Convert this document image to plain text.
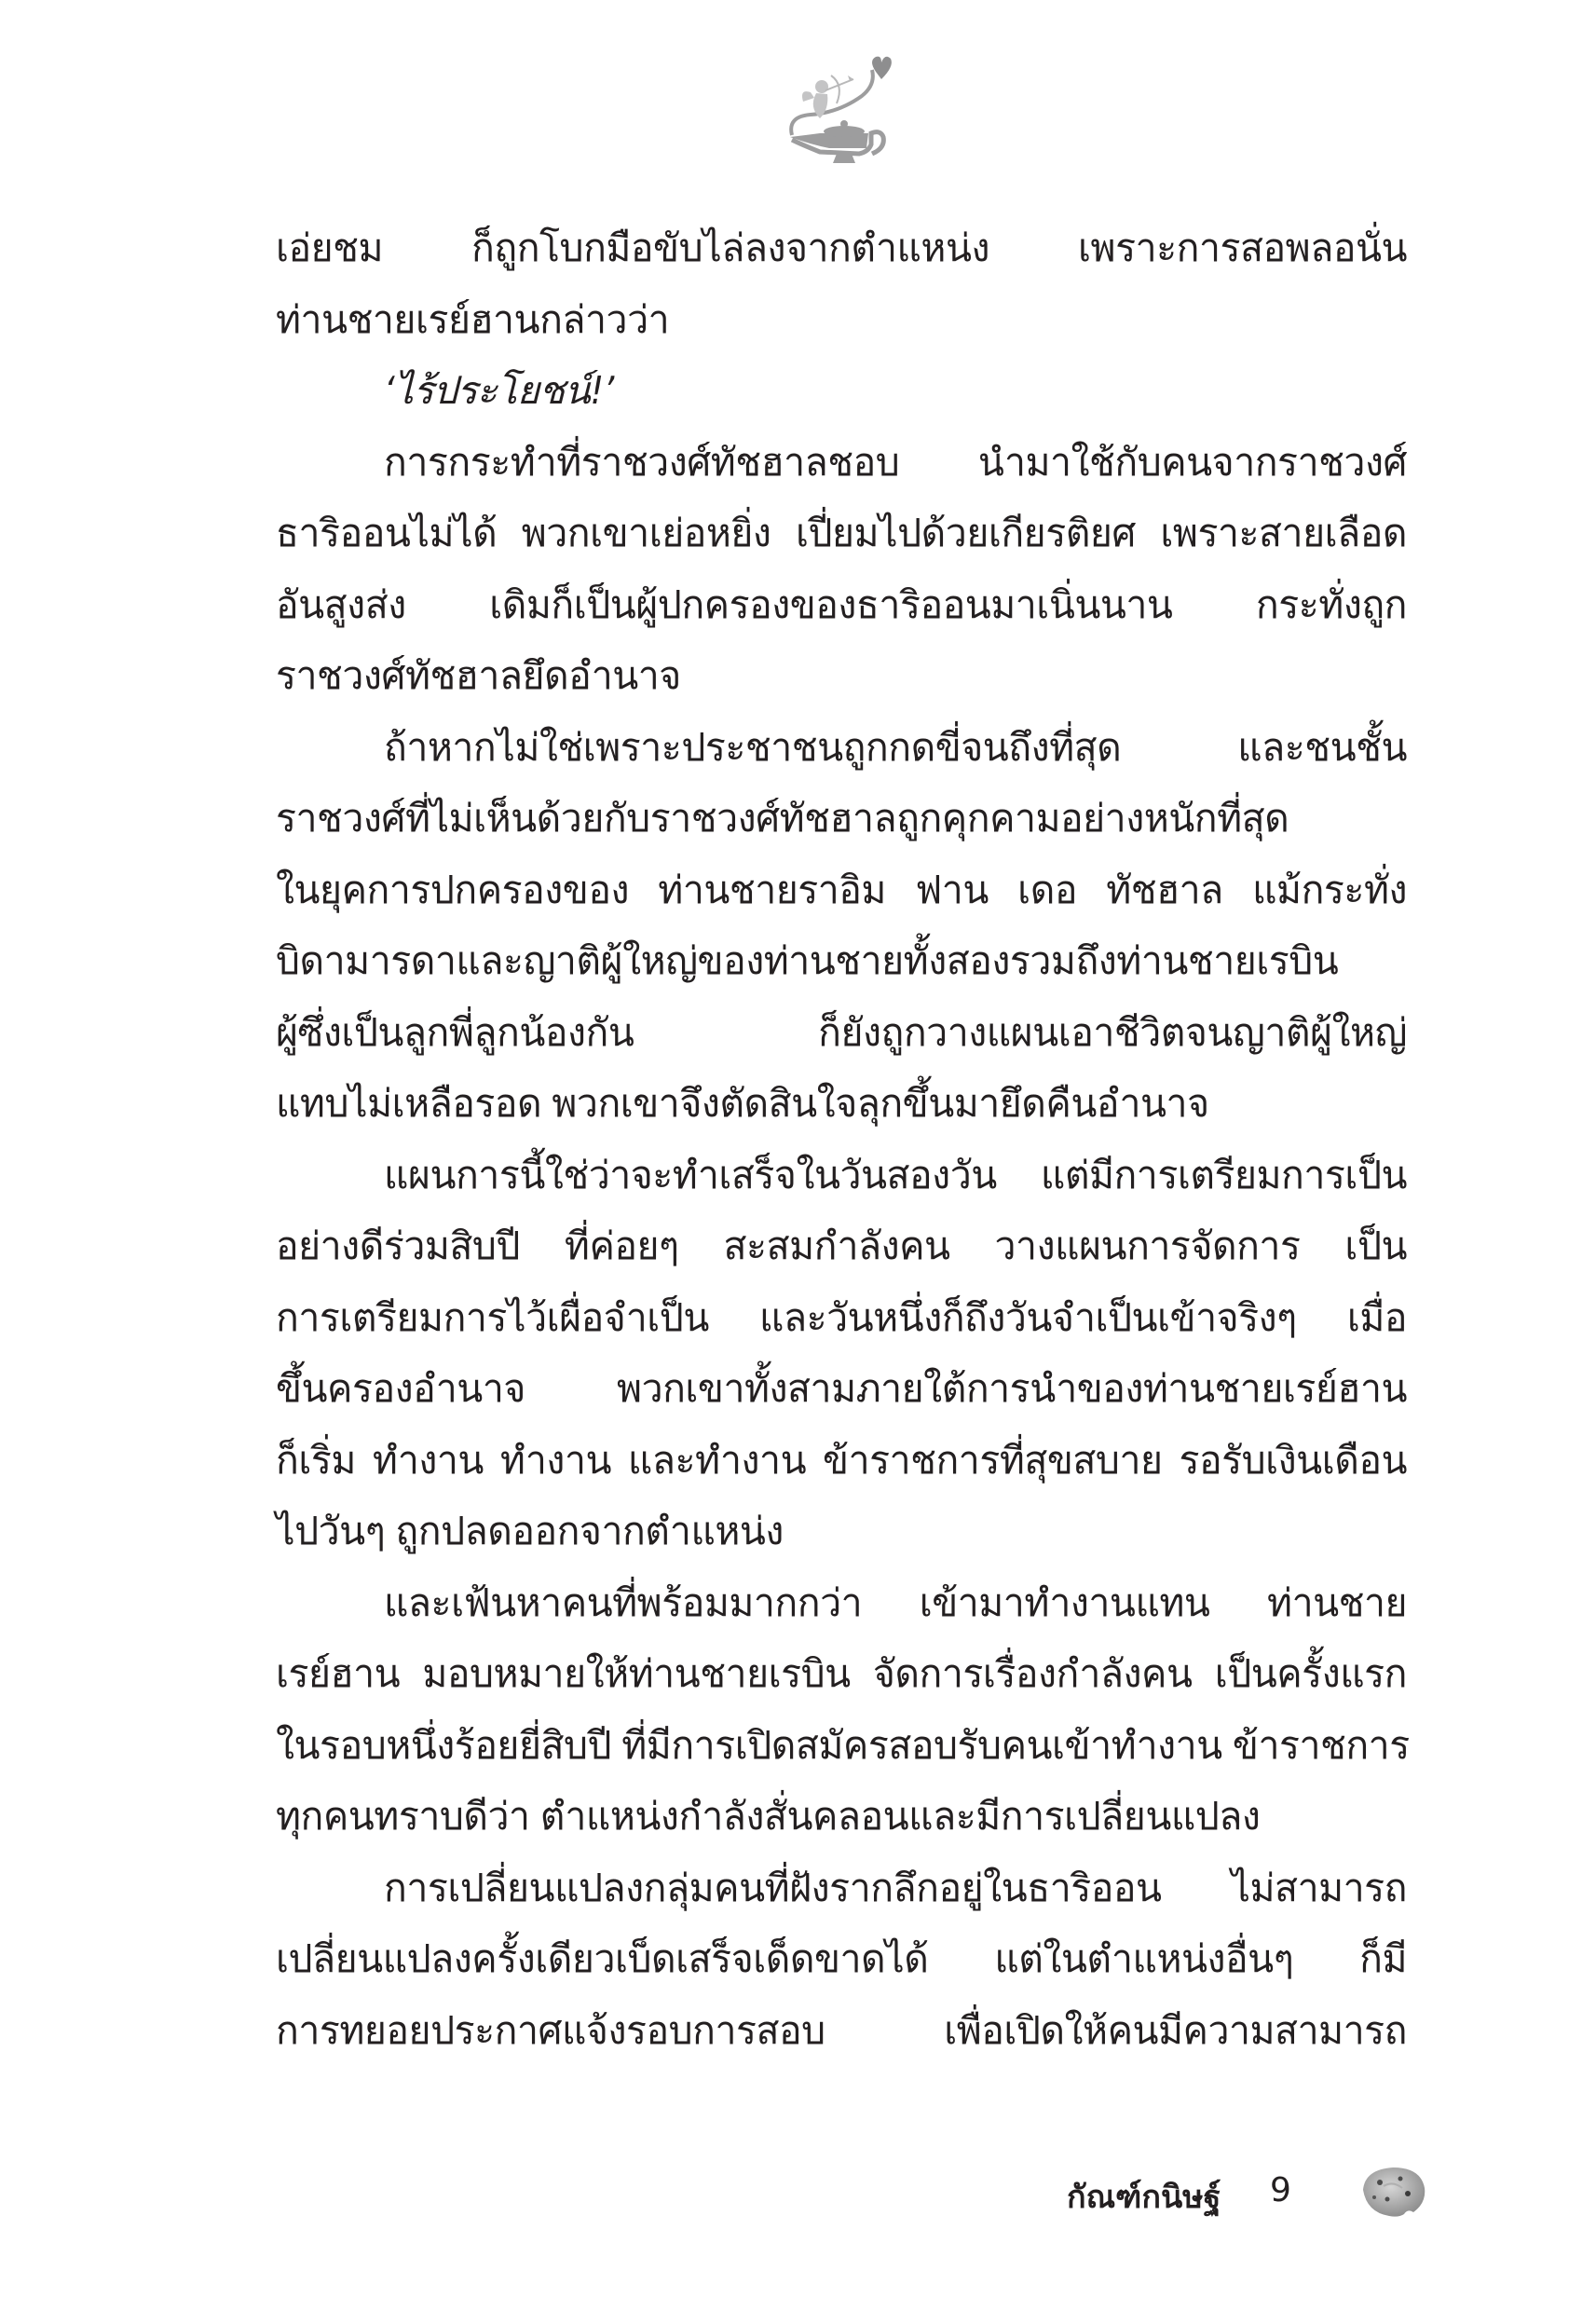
เอ่ยชม ก็ถูกโบกมือขับไล่ลงจากตำแหน่ง เพราะการสอพลอนั่น
ท่านชายเรย์ฮานกล่าวว่า
‘ไร้ประโยชน์!’
การกระทำที่ราชวงศ์ทัชฮาลชอบ นำมาใช้กับคนจากราชวงศ์
ธาริออนไม่ได้ พวกเขาเย่อหยิ่ง เปี่ยมไปด้วยเกียรติยศ เพราะสายเลือด
อันสูงส่ง เดิมก็เป็นผู้ปกครองของธาริออนมาเนิ่นนาน กระทั่งถูก
ราชวงศ์ทัชฮาลยึดอำนาจ
ถ้าหากไม่ใช่เพราะประชาชนถูกกดขี่จนถึงที่สุด และชนชั้น
ราชวงศ์ที่ไม่เห็นด้วยกับราชวงศ์ทัชฮาลถูกคุกคามอย่างหนักที่สุด
ในยุคการปกครองของ ท่านชายราอิม ฟาน เดอ ทัชฮาล แม้กระทั่ง
บิดามารดาและญาติผู้ใหญ่ของท่านชายทั้งสองรวมถึงท่านชายเรบิน
ผู้ซึ่งเป็นลูกพี่ลูกน้องกัน ก็ยังถูกวางแผนเอาชีวิตจนญาติผู้ใหญ่
แทบไม่เหลือรอด พวกเขาจึงตัดสินใจลุกขึ้นมายึดคืนอำนาจ
แผนการนี้ใช่ว่าจะทำเสร็จในวันสองวัน แต่มีการเตรียมการเป็น
อย่างดีร่วมสิบปี ที่ค่อยๆ สะสมกำลังคน วางแผนการจัดการ เป็น
การเตรียมการไว้เผื่อจำเป็น และวันหนึ่งก็ถึงวันจำเป็นเข้าจริงๆ เมื่อ
ขึ้นครองอำนาจ พวกเขาทั้งสามภายใต้การนำของท่านชายเรย์ฮาน
ก็เริ่ม ทำงาน ทำงาน และทำงาน ข้าราชการที่สุขสบาย รอรับเงินเดือน
ไปวันๆ ถูกปลดออกจากตำแหน่ง
และเฟ้นหาคนที่พร้อมมากกว่า เข้ามาทำงานแทน ท่านชาย
เรย์ฮาน มอบหมายให้ท่านชายเรบิน จัดการเรื่องกำลังคน เป็นครั้งแรก
ในรอบหนึ่งร้อยยี่สิบปี ที่มีการเปิดสมัครสอบรับคนเข้าทำงาน ข้าราชการ
ทุกคนทราบดีว่า ตำแหน่งกำลังสั่นคลอนและมีการเปลี่ยนแปลง
การเปลี่ยนแปลงกลุ่มคนที่ฝังรากลึกอยู่ในธาริออน ไม่สามารถ
เปลี่ยนแปลงครั้งเดียวเบ็ดเสร็จเด็ดขาดได้ แต่ในตำแหน่งอื่นๆ ก็มี
การทยอยประกาศแจ้งรอบการสอบ เพื่อเปิดให้คนมีความสามารถ
กัณฑ์กนิษฐ์ 9
